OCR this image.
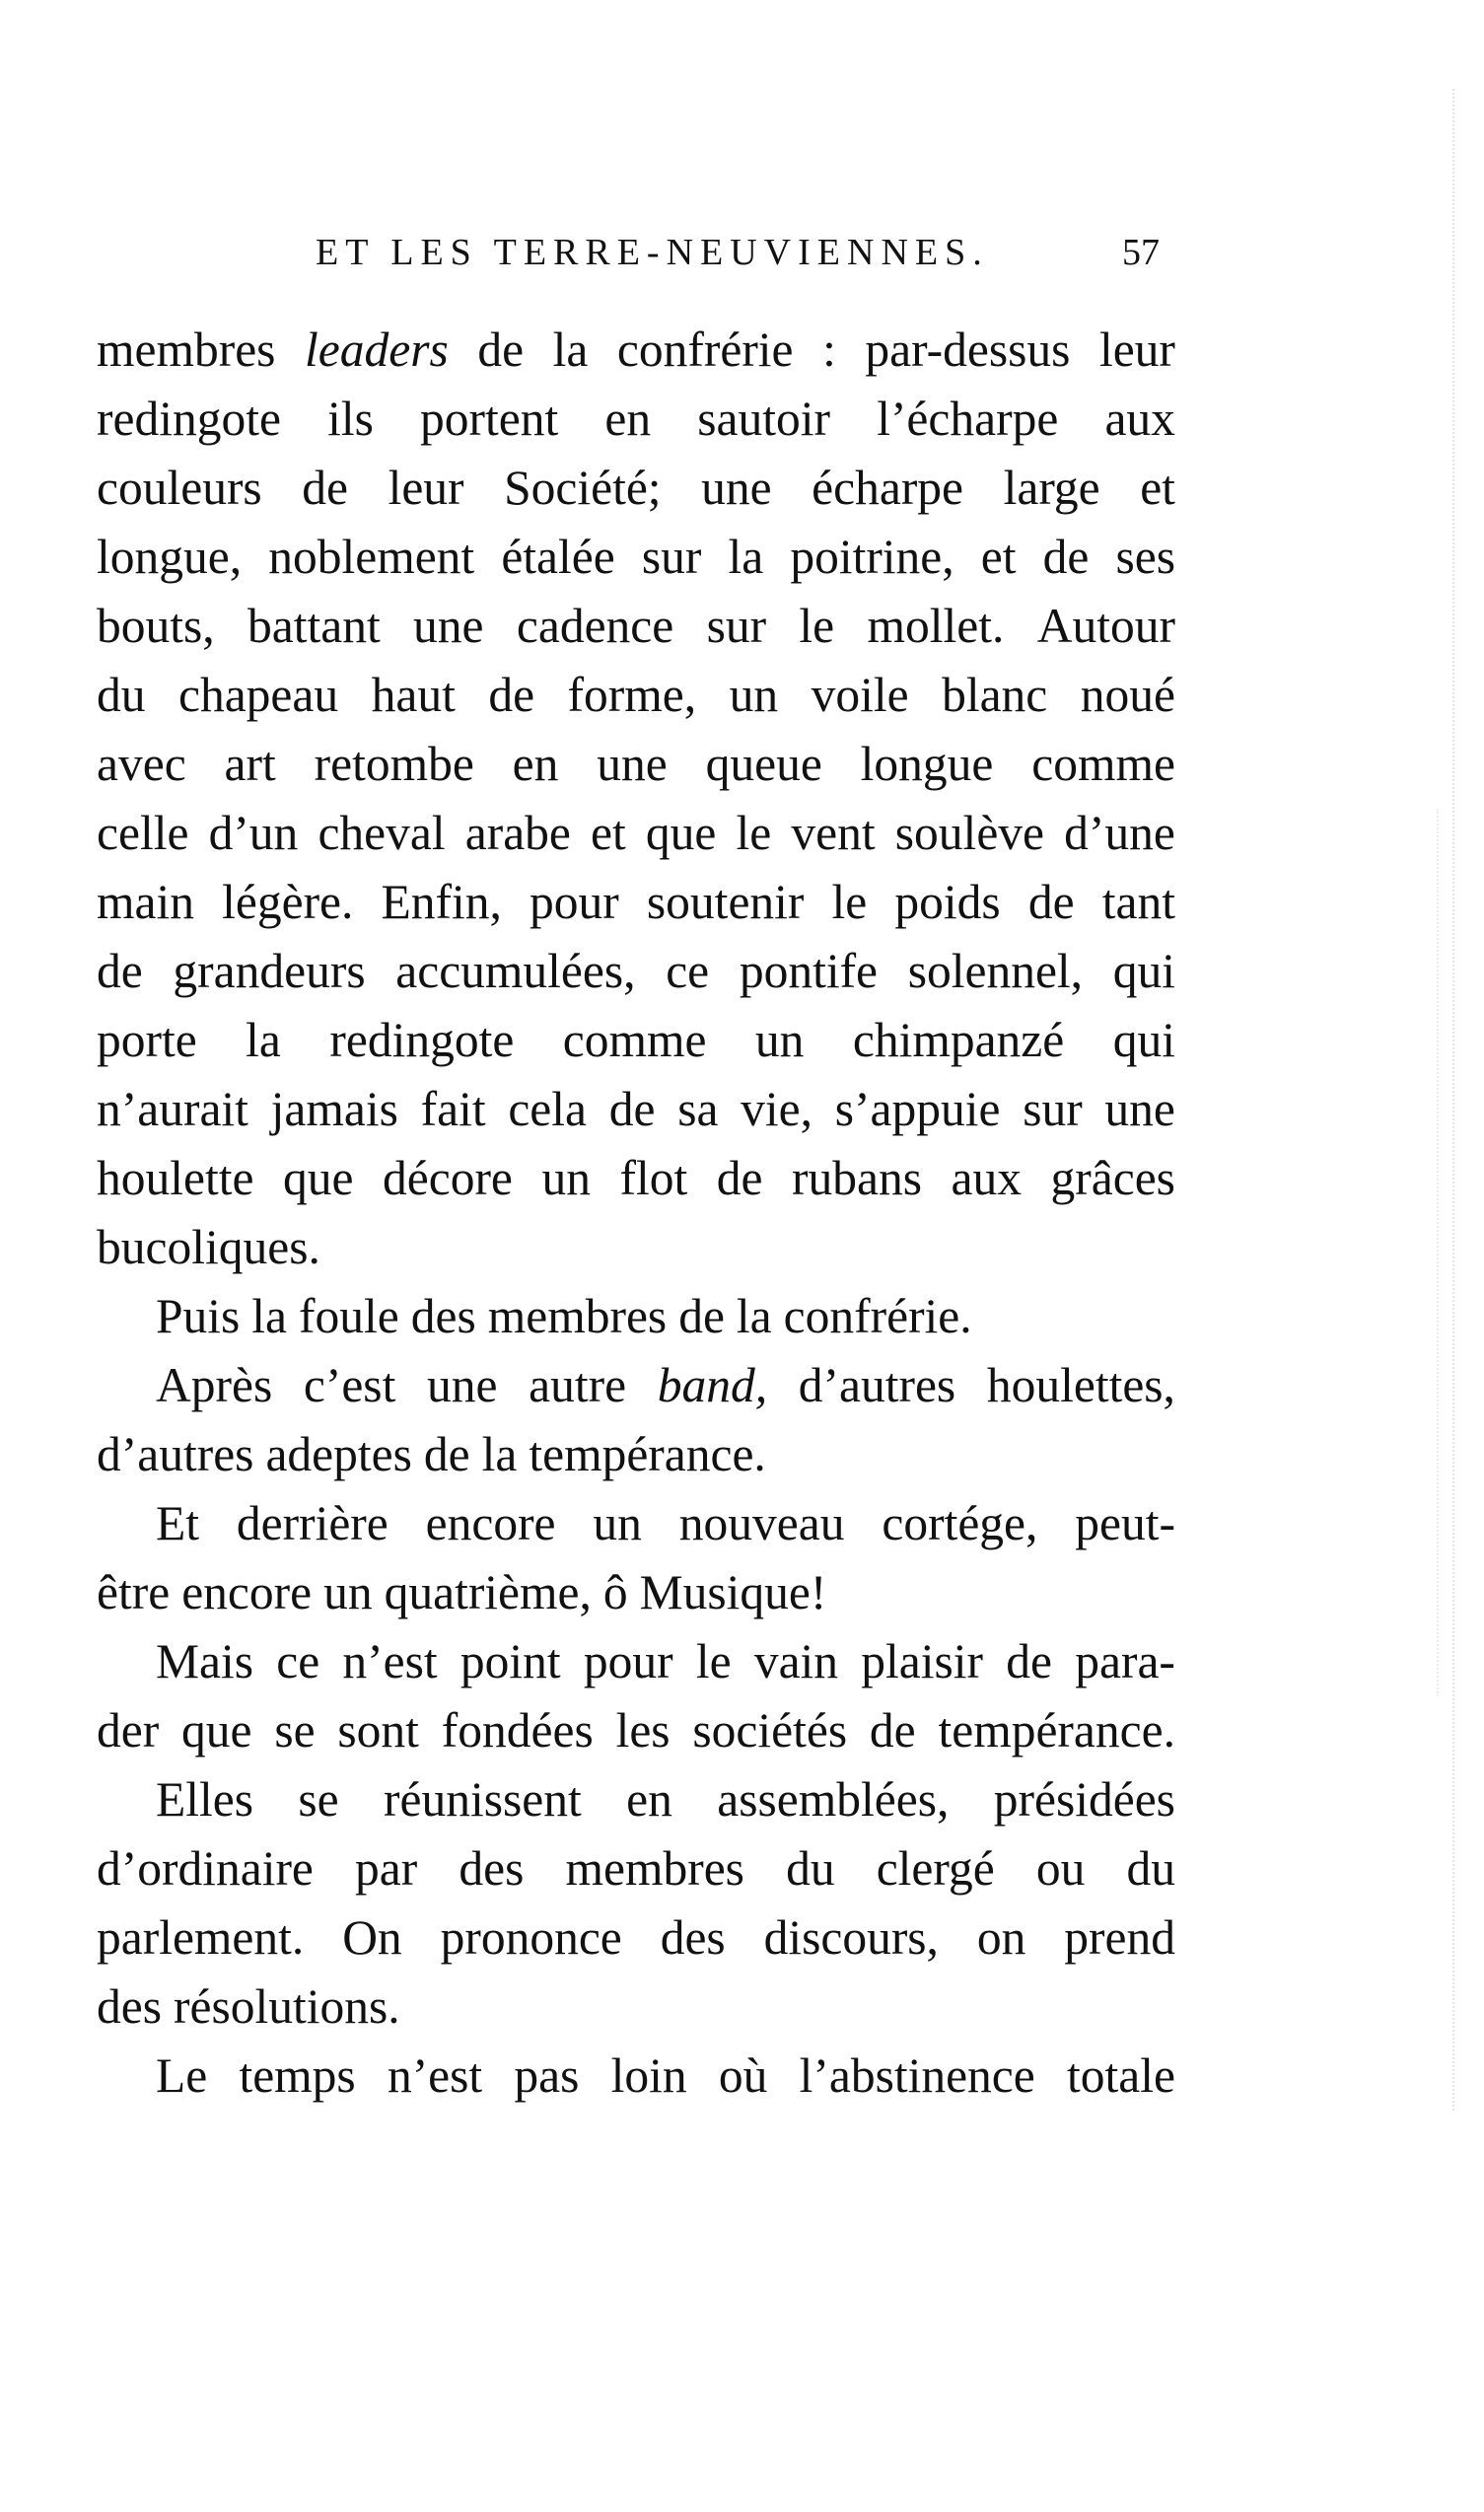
ET LES TERRE-NEUVIENNES.	57
membres leaders de la confrérie : par-dessus leur
redingote ils portent en sautoir l’écharpe aux
couleurs de leur Société; une écharpe large et
longue, noblement étalée sur la poitrine, et de ses
bouts, battant une cadence sur le mollet. Autour
du chapeau haut de forme, un voile blanc noué
avec art retombe en une queue longue comme
celle d’un cheval arabe et que le vent soulève d’une
main légère. Enfin, pour soutenir le poids de tant
de grandeurs accumulées, ce pontife solennel, qui
porte la redingote comme un chimpanzé qui
n’aurait jamais fait cela de sa vie, s’appuie sur une
houlette que décore un flot de rubans aux grâces
bucoliques.
Puis la foule des membres de la confrérie.
Après c’est une autre band, d’autres houlettes,
d’autres adeptes de la tempérance.
Et derrière encore un nouveau cortége, peut-
être encore un quatrième, ô Musique!
Mais ce n’est point pour le vain plaisir de para-
der que se sont fondées les sociétés de tempérance.
Elles se réunissent en assemblées, présidées
d’ordinaire par des membres du clergé ou du
parlement. On prononce des discours, on prend
des résolutions.
Le temps n’est pas loin où l’abstinence totale
